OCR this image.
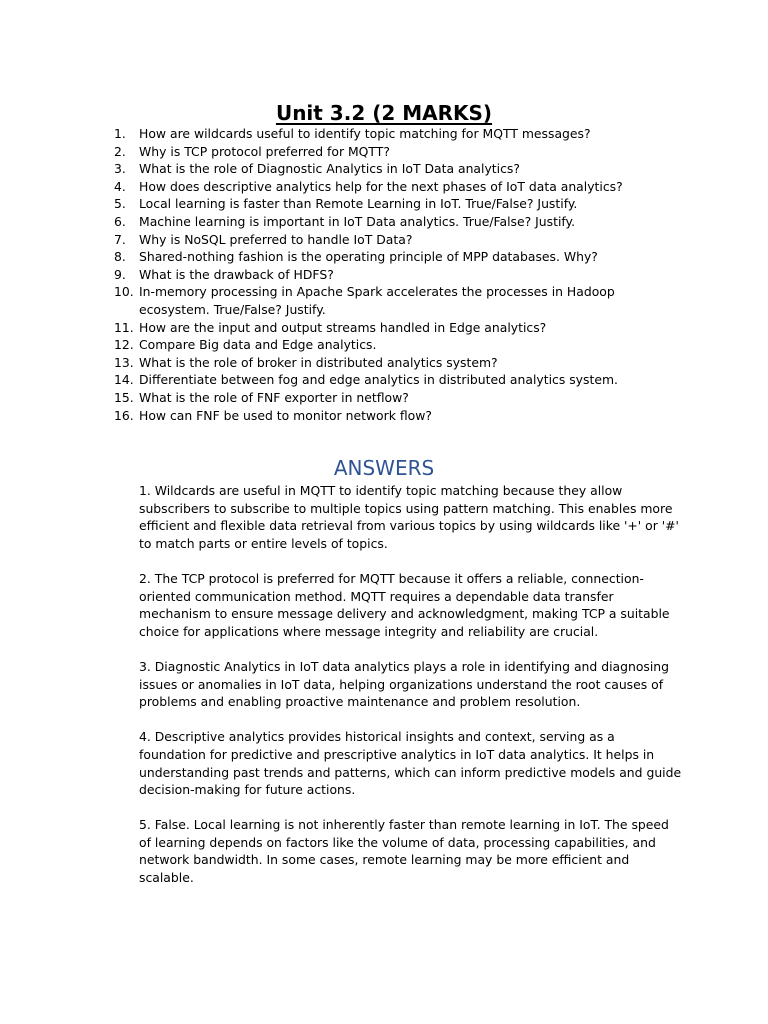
Unit 3.2 (2 MARKS)
1. How are wildcards useful to identify topic matching for MQTT messages?
2. Why is TCP protocol preferred for MQTT?
3. What is the role of Diagnostic Analytics in IoT Data analytics?
4. How does descriptive analytics help for the next phases of IoT data analytics?
5. Local learning is faster than Remote Learning in IoT. True/False? Justify.
6. Machine learning is important in IoT Data analytics. True/False? Justify.
7. Why is NoSQL preferred to handle IoT Data?
8. Shared-nothing fashion is the operating principle of MPP databases. Why?
9. What is the drawback of HDFS?
10. In-memory processing in Apache Spark accelerates the processes in Hadoop ecosystem. True/False? Justify.
11. How are the input and output streams handled in Edge analytics?
12. Compare Big data and Edge analytics.
13. What is the role of broker in distributed analytics system?
14. Differentiate between fog and edge analytics in distributed analytics system.
15. What is the role of FNF exporter in netflow?
16. How can FNF be used to monitor network flow?
ANSWERS

1. Wildcards are useful in MQTT to identify topic matching because they allow subscribers to subscribe to multiple topics using pattern matching. This enables more efficient and flexible data retrieval from various topics by using wildcards like '+' or '#' to match parts or entire levels of topics.

2. The TCP protocol is preferred for MQTT because it offers a reliable, connection-oriented communication method. MQTT requires a dependable data transfer mechanism to ensure message delivery and acknowledgment, making TCP a suitable choice for applications where message integrity and reliability are crucial.

3. Diagnostic Analytics in IoT data analytics plays a role in identifying and diagnosing issues or anomalies in IoT data, helping organizations understand the root causes of problems and enabling proactive maintenance and problem resolution.

4. Descriptive analytics provides historical insights and context, serving as a foundation for predictive and prescriptive analytics in IoT data analytics. It helps in understanding past trends and patterns, which can inform predictive models and guide decision-making for future actions.

5. False. Local learning is not inherently faster than remote learning in IoT. The speed of learning depends on factors like the volume of data, processing capabilities, and network bandwidth. In some cases, remote learning may be more efficient and scalable.
